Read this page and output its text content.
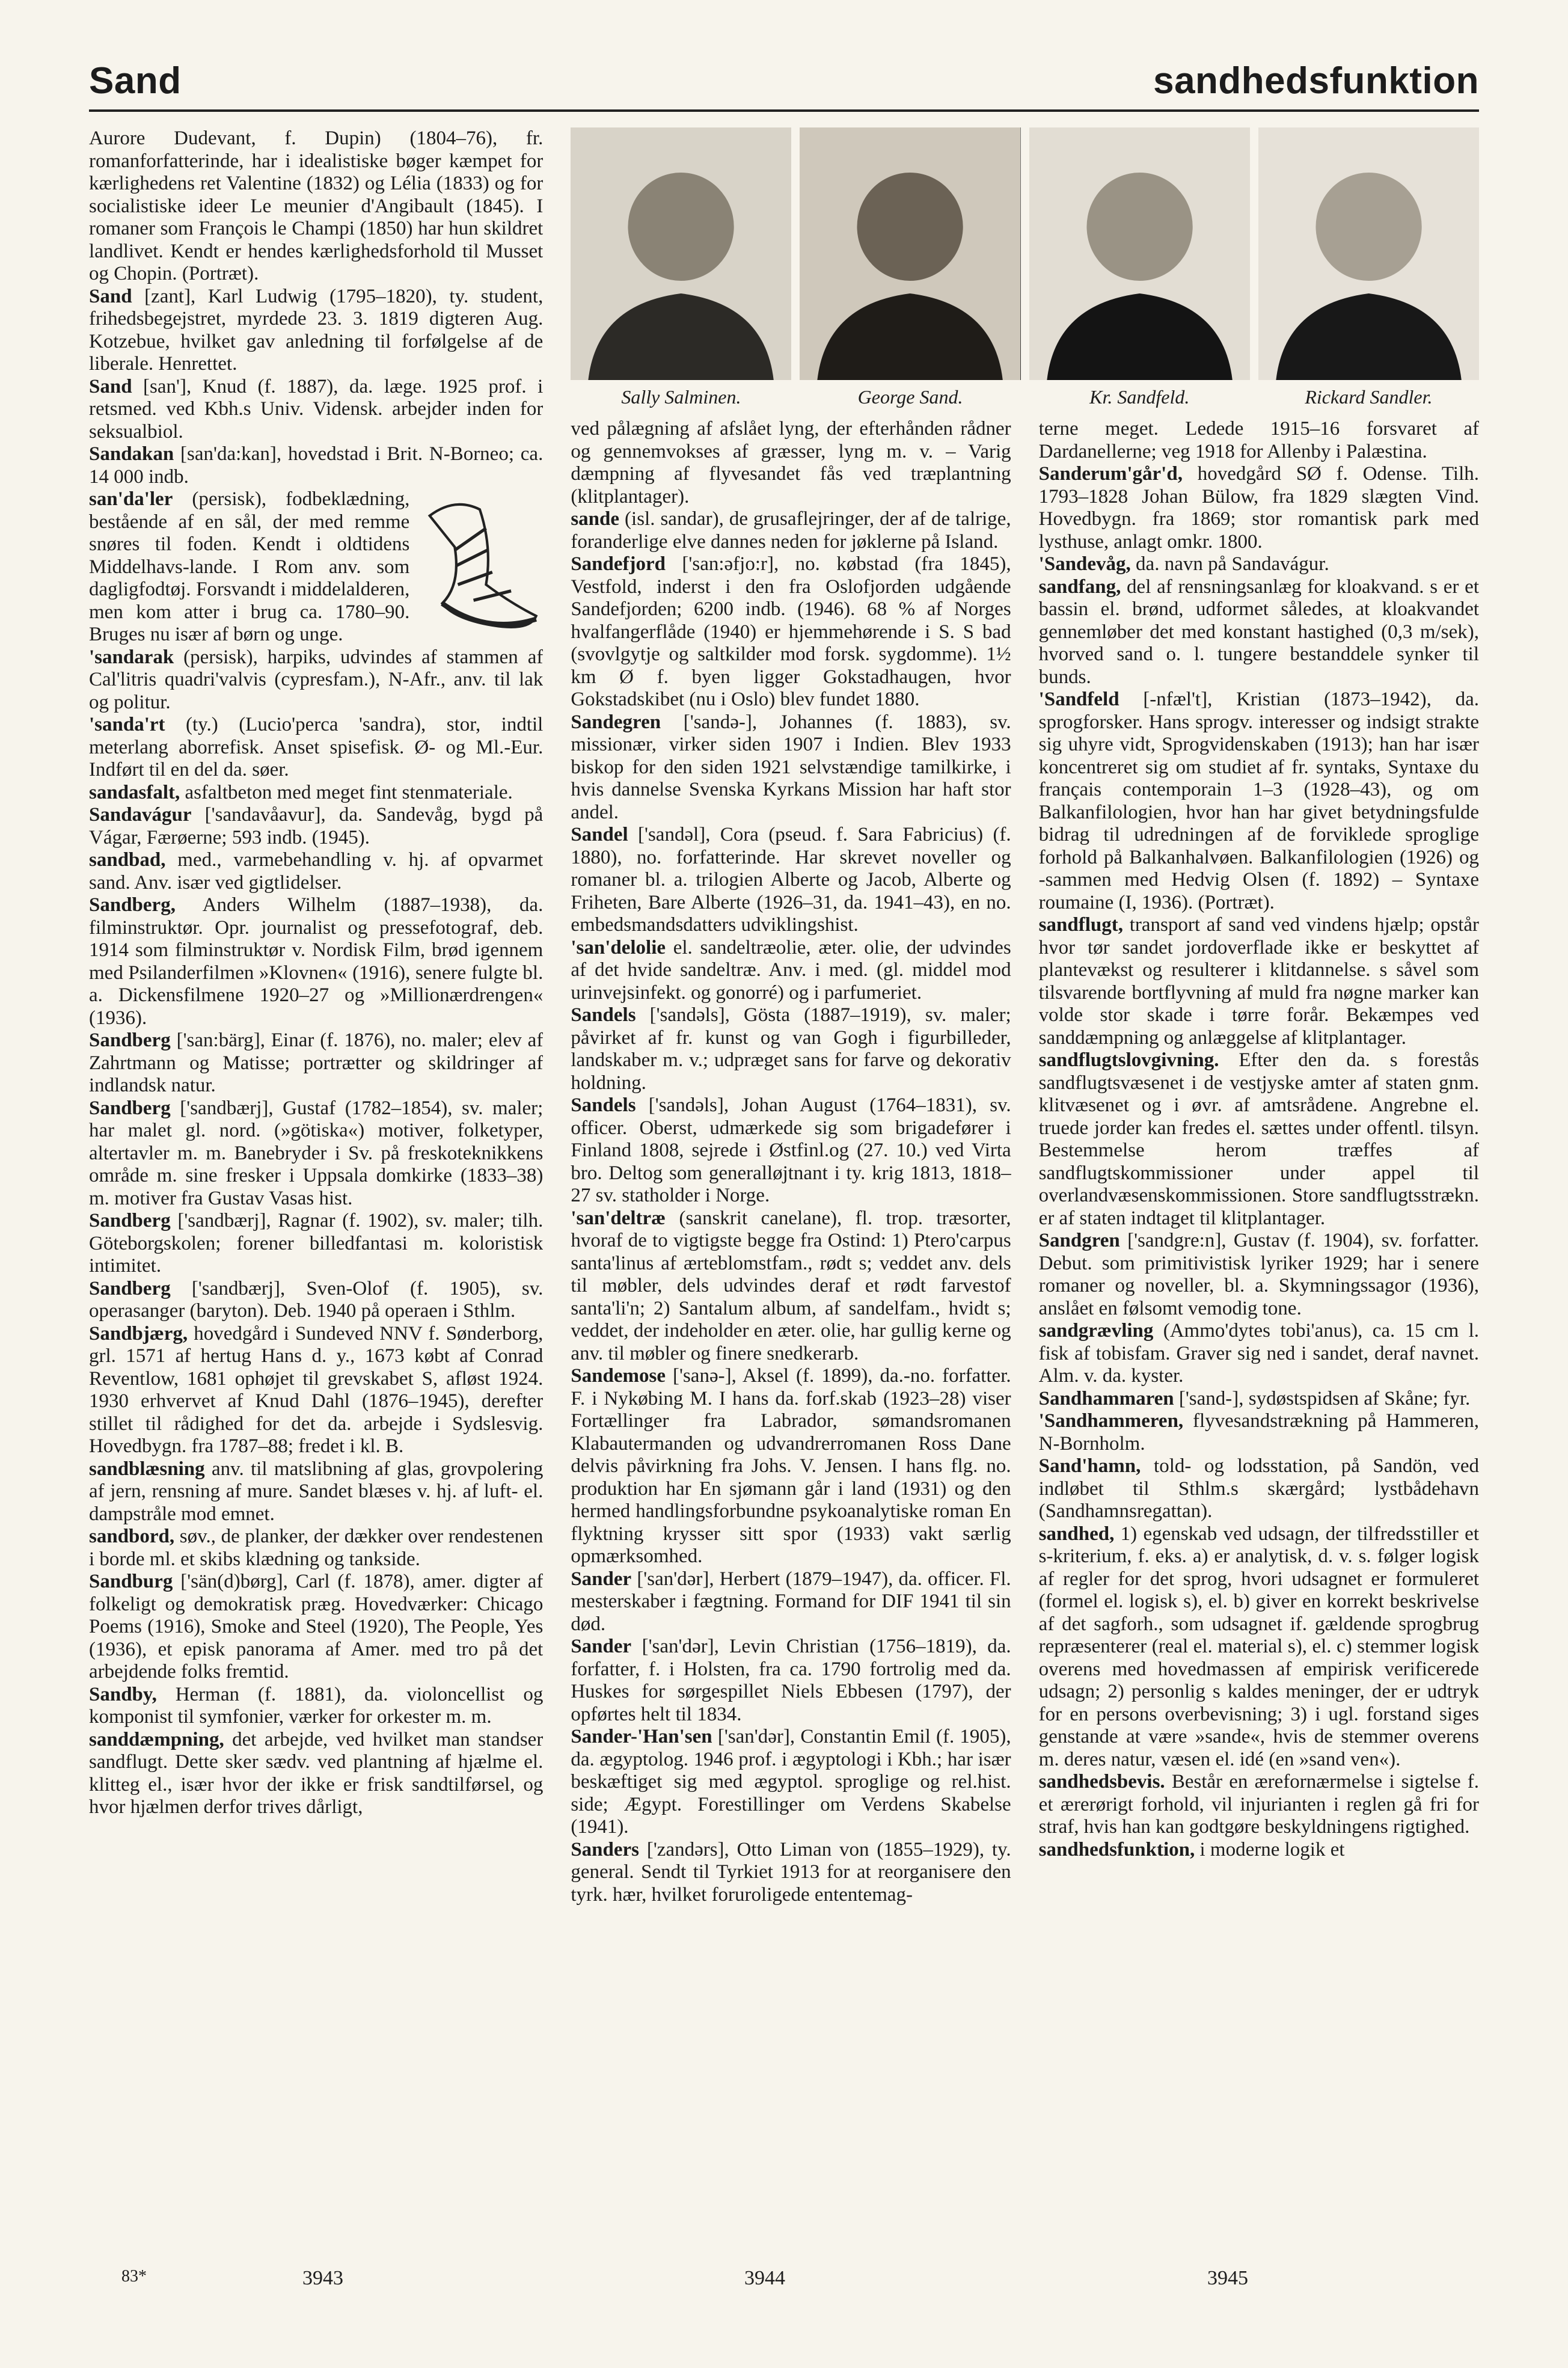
Sand	sandhedsfunktion

Aurore Dudevant, f. Dupin) (1804–76), fr. romanforfatterinde, har i idealistiske bøger kæmpet for kærlighedens ret Valentine (1832) og Lélia (1833) og for socialistiske ideer Le meunier d'Angibault (1845). I romaner som François le Champi (1850) har hun skildret landlivet. Kendt er hendes kærlighedsforhold til Musset og Chopin. (Portræt).

Sand [zant], Karl Ludwig (1795–1820), ty. student, frihedsbegejstret, myrdede 23. 3. 1819 digteren Aug. Kotzebue, hvilket gav anledning til forfølgelse af de liberale. Henrettet.

Sand [san'], Knud (f. 1887), da. læge. 1925 prof. i retsmed. ved Kbh.s Univ. Vidensk. arbejder inden for seksualbiol.

Sandakan [san'da:kan], hovedstad i Brit. N-Borneo; ca. 14 000 indb.

san'da'ler (persisk), fodbeklædning, bestående af en sål, der med remme snøres til foden. Kendt i oldtidens Middelhavs-lande. I Rom anv. som dagligfodtøj. Forsvandt i middelalderen, men kom atter i brug ca. 1780–90. Bruges nu især af børn og unge.

'sandarak (persisk), harpiks, udvindes af stammen af Cal'litris quadri'valvis (cypresfam.), N-Afr., anv. til lak og politur.

'sanda'rt (ty.) (Lucio'perca 'sandra), stor, indtil meterlang aborrefisk. Anset spisefisk. Ø- og Ml.-Eur. Indført til en del da. søer.

sandasfalt, asfaltbeton med meget fint stenmateriale.

Sandavágur ['sandavåavur], da. Sandevåg, bygd på Vágar, Færøerne; 593 indb. (1945).

sandbad, med., varmebehandling v. hj. af opvarmet sand. Anv. især ved gigtlidelser.

Sandberg, Anders Wilhelm (1887–1938), da. filminstruktør. Opr. journalist og pressefotograf, deb. 1914 som filminstruktør v. Nordisk Film, brød igennem med Psilanderfilmen »Klovnen« (1916), senere fulgte bl. a. Dickensfilmene 1920–27 og »Millionærdrengen« (1936).

Sandberg ['san:bärg], Einar (f. 1876), no. maler; elev af Zahrtmann og Matisse; portrætter og skildringer af indlandsk natur.

Sandberg ['sandbærj], Gustaf (1782–1854), sv. maler; har malet gl. nord. (»götiska«) motiver, folketyper, altertavler m. m. Banebryder i Sv. på freskoteknikkens område m. sine fresker i Uppsala domkirke (1833–38) m. motiver fra Gustav Vasas hist.

Sandberg ['sandbærj], Ragnar (f. 1902), sv. maler; tilh. Göteborgskolen; forener billedfantasi m. koloristisk intimitet.

Sandberg ['sandbærj], Sven-Olof (f. 1905), sv. operasanger (baryton). Deb. 1940 på operaen i Sthlm.

Sandbjærg, hovedgård i Sundeved NNV f. Sønderborg, grl. 1571 af hertug Hans d. y., 1673 købt af Conrad Reventlow, 1681 ophøjet til grevskabet S, afløst 1924. 1930 erhvervet af Knud Dahl (1876–1945), derefter stillet til rådighed for det da. arbejde i Sydslesvig. Hovedbygn. fra 1787–88; fredet i kl. B.

sandblæsning anv. til matslibning af glas, grovpolering af jern, rensning af mure. Sandet blæses v. hj. af luft- el. dampstråle mod emnet.

sandbord, søv., de planker, der dækker over rendestenen i borde ml. et skibs klædning og tankside.

Sandburg ['sän(d)børg], Carl (f. 1878), amer. digter af folkeligt og demokratisk præg. Hovedværker: Chicago Poems (1916), Smoke and Steel (1920), The People, Yes (1936), et episk panorama af Amer. med tro på det arbejdende folks fremtid.

Sandby, Herman (f. 1881), da. violoncellist og komponist til symfonier, værker for orkester m. m.

sanddæmpning, det arbejde, ved hvilket man standser sandflugt. Dette sker sædv. ved plantning af hjælme el. klitteg el., især hvor der ikke er frisk sandtilførsel, og hvor hjælmen derfor trives dårligt,

Sally Salminen.	George Sand.	Kr. Sandfeld.	Rickard Sandler.

ved pålægning af afslået lyng, der efterhånden rådner og gennemvokses af græsser, lyng m. v. – Varig dæmpning af flyvesandet fås ved træplantning (klitplantager).

sande (isl. sandar), de grusaflejringer, der af de talrige, foranderlige elve dannes neden for jøklerne på Island.

Sandefjord ['san:əfjo:r], no. købstad (fra 1845), Vestfold, inderst i den fra Oslofjorden udgående Sandefjorden; 6200 indb. (1946). 68 % af Norges hvalfangerflåde (1940) er hjemmehørende i S. S bad (svovlgytje og saltkilder mod forsk. sygdomme). 1½ km Ø f. byen ligger Gokstadhaugen, hvor Gokstadskibet (nu i Oslo) blev fundet 1880.

Sandegren ['sandə-], Johannes (f. 1883), sv. missionær, virker siden 1907 i Indien. Blev 1933 biskop for den siden 1921 selvstændige tamilkirke, i hvis dannelse Svenska Kyrkans Mission har haft stor andel.

Sandel ['sandəl], Cora (pseud. f. Sara Fabricius) (f. 1880), no. forfatterinde. Har skrevet noveller og romaner bl. a. trilogien Alberte og Jacob, Alberte og Friheten, Bare Alberte (1926–31, da. 1941–43), en no. embedsmandsdatters udviklingshist.

'san'delolie el. sandeltræolie, æter. olie, der udvindes af det hvide sandeltræ. Anv. i med. (gl. middel mod urinvejsinfekt. og gonorré) og i parfumeriet.

Sandels ['sandəls], Gösta (1887–1919), sv. maler; påvirket af fr. kunst og van Gogh i figurbilleder, landskaber m. v.; udpræget sans for farve og dekorativ holdning.

Sandels ['sandəls], Johan August (1764–1831), sv. officer. Oberst, udmærkede sig som brigadefører i Finland 1808, sejrede i Østfinl.og (27. 10.) ved Virta bro. Deltog som generalløjtnant i ty. krig 1813, 1818–27 sv. statholder i Norge.

'san'deltræ (sanskrit canelane), fl. trop. træsorter, hvoraf de to vigtigste begge fra Ostind: 1) Ptero'carpus santa'linus af ærteblomstfam., rødt s; veddet anv. dels til møbler, dels udvindes deraf et rødt farvestof santa'li'n; 2) Santalum album, af sandelfam., hvidt s; veddet, der indeholder en æter. olie, har gullig kerne og anv. til møbler og finere snedkerarb.

Sandemose ['sanə-], Aksel (f. 1899), da.-no. forfatter. F. i Nykøbing M. I hans da. forf.skab (1923–28) viser Fortællinger fra Labrador, sømandsromanen Klabautermanden og udvandrerromanen Ross Dane delvis påvirkning fra Johs. V. Jensen. I hans flg. no. produktion har En sjømann går i land (1931) og den hermed handlingsforbundne psykoanalytiske roman En flyktning krysser sitt spor (1933) vakt særlig opmærksomhed.

Sander ['san'dər], Herbert (1879–1947), da. officer. Fl. mesterskaber i fægtning. Formand for DIF 1941 til sin død.

Sander ['san'dər], Levin Christian (1756–1819), da. forfatter, f. i Holsten, fra ca. 1790 fortrolig med da. Huskes for sørgespillet Niels Ebbesen (1797), der opførtes helt til 1834.

Sander-'Han'sen ['san'dər], Constantin Emil (f. 1905), da. ægyptolog. 1946 prof. i ægyptologi i Kbh.; har især beskæftiget sig med ægyptol. sproglige og rel.hist. side; Ægypt. Forestillinger om Verdens Skabelse (1941).

Sanders ['zandərs], Otto Liman von (1855–1929), ty. general. Sendt til Tyrkiet 1913 for at reorganisere den tyrk. hær, hvilket foruroligede ententemag-

terne meget. Ledede 1915–16 forsvaret af Dardanellerne; veg 1918 for Allenby i Palæstina.

Sanderum'går'd, hovedgård SØ f. Odense. Tilh. 1793–1828 Johan Bülow, fra 1829 slægten Vind. Hovedbygn. fra 1869; stor romantisk park med lysthuse, anlagt omkr. 1800.

'Sandevåg, da. navn på Sandavágur.

sandfang, del af rensningsanlæg for kloakvand. s er et bassin el. brønd, udformet således, at kloakvandet gennemløber det med konstant hastighed (0,3 m/sek), hvorved sand o. l. tungere bestanddele synker til bunds.

'Sandfeld [-nfæl't], Kristian (1873–1942), da. sprogforsker. Hans sprogv. interesser og indsigt strakte sig uhyre vidt, Sprogvidenskaben (1913); han har især koncentreret sig om studiet af fr. syntaks, Syntaxe du français contemporain 1–3 (1928–43), og om Balkanfilologien, hvor han har givet betydningsfulde bidrag til udredningen af de forviklede sproglige forhold på Balkanhalvøen. Balkanfilologien (1926) og -sammen med Hedvig Olsen (f. 1892) – Syntaxe roumaine (I, 1936). (Portræt).

sandflugt, transport af sand ved vindens hjælp; opstår hvor tør sandet jordoverflade ikke er beskyttet af plantevækst og resulterer i klitdannelse. s såvel som tilsvarende bortflyvning af muld fra nøgne marker kan volde stor skade i tørre forår. Bekæmpes ved sanddæmpning og anlæggelse af klitplantager.

sandflugtslovgivning. Efter den da. s forestås sandflugtsvæsenet i de vestjyske amter af staten gnm. klitvæsenet og i øvr. af amtsrådene. Angrebne el. truede jorder kan fredes el. sættes under offentl. tilsyn. Bestemmelse herom træffes af sandflugtskommissioner under appel til overlandvæsenskommissionen. Store sandflugtsstrækn. er af staten indtaget til klitplantager.

Sandgren ['sandgre:n], Gustav (f. 1904), sv. forfatter. Debut. som primitivistisk lyriker 1929; har i senere romaner og noveller, bl. a. Skymningssagor (1936), anslået en følsomt vemodig tone.

sandgrævling (Ammo'dytes tobi'anus), ca. 15 cm l. fisk af tobisfam. Graver sig ned i sandet, deraf navnet. Alm. v. da. kyster.

Sandhammaren ['sand-], sydøstspidsen af Skåne; fyr.

'Sandhammeren, flyvesandstrækning på Hammeren, N-Bornholm.

Sand'hamn, told- og lodsstation, på Sandön, ved indløbet til Sthlm.s skærgård; lystbådehavn (Sandhamnsregattan).

sandhed, 1) egenskab ved udsagn, der tilfredsstiller et s-kriterium, f. eks. a) er analytisk, d. v. s. følger logisk af regler for det sprog, hvori udsagnet er formuleret (formel el. logisk s), el. b) giver en korrekt beskrivelse af det sagforh., som udsagnet if. gældende sprogbrug repræsenterer (real el. material s), el. c) stemmer logisk overens med hovedmassen af empirisk verificerede udsagn; 2) personlig s kaldes meninger, der er udtryk for en persons overbevisning; 3) i ugl. forstand siges genstande at være »sande«, hvis de stemmer overens m. deres natur, væsen el. idé (en »sand ven«).

sandhedsbevis. Består en ærefornærmelse i sigtelse f. et ærerørigt forhold, vil injurianten i reglen gå fri for straf, hvis han kan godtgøre beskyldningens rigtighed.

sandhedsfunktion, i moderne logik et

83*	3943	3944	3945
